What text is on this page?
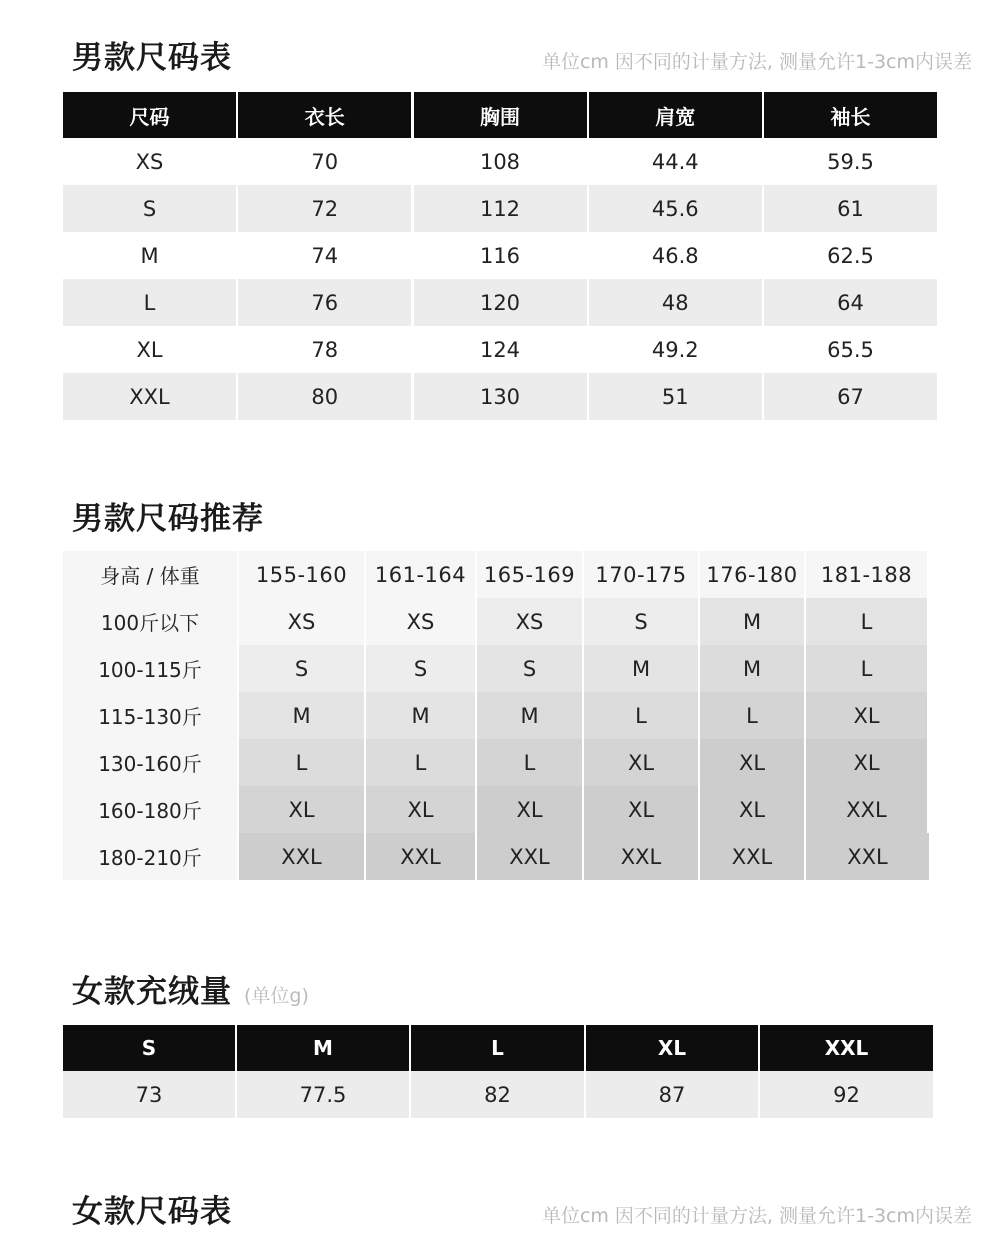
男款尺码表	单位cm 因不同的计量方法, 测量允许1-3cm内误差
尺码	衣长	胸围	肩宽	袖长
XS	70	108	44.4	59.5
S	72	112	45.6	61
M	74	116	46.8	62.5
L	76	120	48	64
XL	78	124	49.2	65.5
XXL	80	130	51	67
男款尺码推荐
身高 / 体重	155-160	161-164 165-169 170-175 176-180	181-188
100斤以下	XS	XS	XS	S	M	L
100-115斤	S	S	S	M	M	L
115-130斤	M	M	M	L	L	XL
130-160斤	L	L	L	XL	XL	XL
160-180斤	XL	XL	XL	XL	XL	XXL
180-210斤	XXL	XXL	XXL	XXL	XXL	XXL
女款充绒量 (单位g)
S	M	L	XL	XXL
73	77.5	82	87	92
女款尺码表	单位cm 因不同的计量方法, 测量允许1-3cm内误差
